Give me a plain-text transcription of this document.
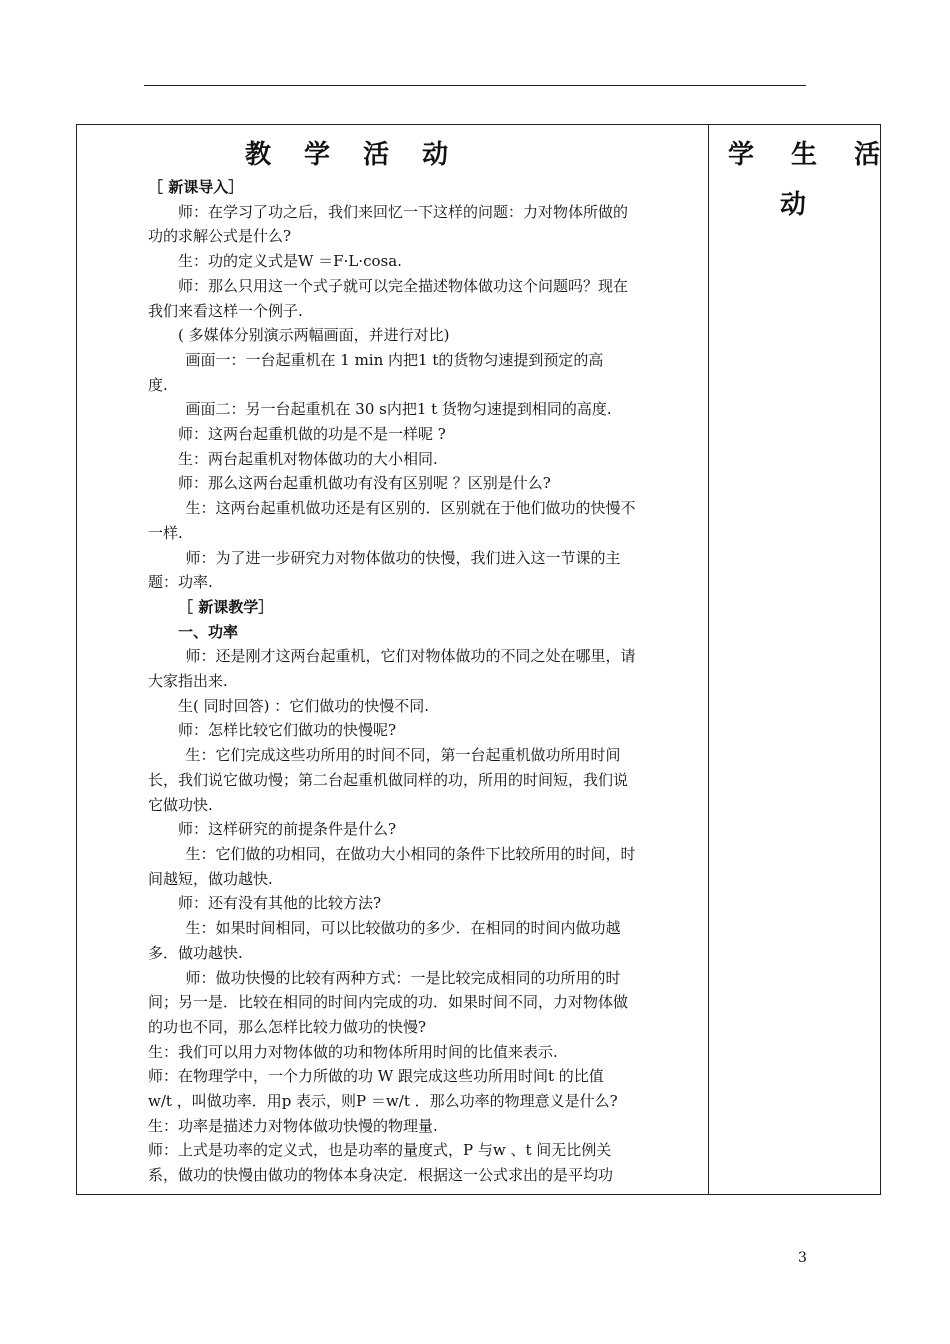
教 学 活 动	学 生 活
动

［ 新课导入］

师：在学习了功之后，我们来回忆一下这样的问题：力对物体所做的

功的求解公式是什么?

生：功的定义式是W ＝F·L·cosa.

师：那么只用这一个式子就可以完全描述物体做功这个问题吗？现在

我们来看这样一个例子.

( 多媒体分别演示两幅画面，并进行对比)

画面一：一台起重机在 1 min 内把1 t的货物匀速提到预定的高

度.

画面二：另一台起重机在 30 s内把1 t 货物匀速提到相同的高度.

师：这两台起重机做的功是不是一样呢 ?

生：两台起重机对物体做功的大小相同.

师：那么这两台起重机做功有没有区别呢 ？区别是什么?

生：这两台起重机做功还是有区别的．区别就在于他们做功的快慢不

一样.

师：为了进一步研究力对物体做功的快慢，我们进入这一节课的主

题：功率.

［ 新课教学］

一、功率

师：还是刚才这两台起重机，它们对物体做功的不同之处在哪里，请

大家指出来.

生( 同时回答) ：它们做功的快慢不同.

师：怎样比较它们做功的快慢呢?

生：它们完成这些功所用的时间不同，第一台起重机做功所用时间

长，我们说它做功慢；第二台起重机做同样的功，所用的时间短，我们说

它做功快.

师：这样研究的前提条件是什么?

生：它们做的功相同，在做功大小相同的条件下比较所用的时间，时

间越短，做功越快.

师：还有没有其他的比较方法?

生：如果时间相同，可以比较做功的多少．在相同的时间内做功越

多．做功越快.

师：做功快慢的比较有两种方式：一是比较完成相同的功所用的时

间；另一是．比较在相同的时间内完成的功．如果时间不同，力对物体做

的功也不同，那么怎样比较力做功的快慢?

生：我们可以用力对物体做的功和物体所用时间的比值来表示.

师：在物理学中，一个力所做的功 W 跟完成这些功所用时间t 的比值

w/t ，叫做功率．用p 表示，则P ＝w/t ．那么功率的物理意义是什么?

生：功率是描述力对物体做功快慢的物理量.

师：上式是功率的定义式，也是功率的量度式，P 与w 、t 间无比例关

系，做功的快慢由做功的物体本身决定．根据这一公式求出的是平均功

3
